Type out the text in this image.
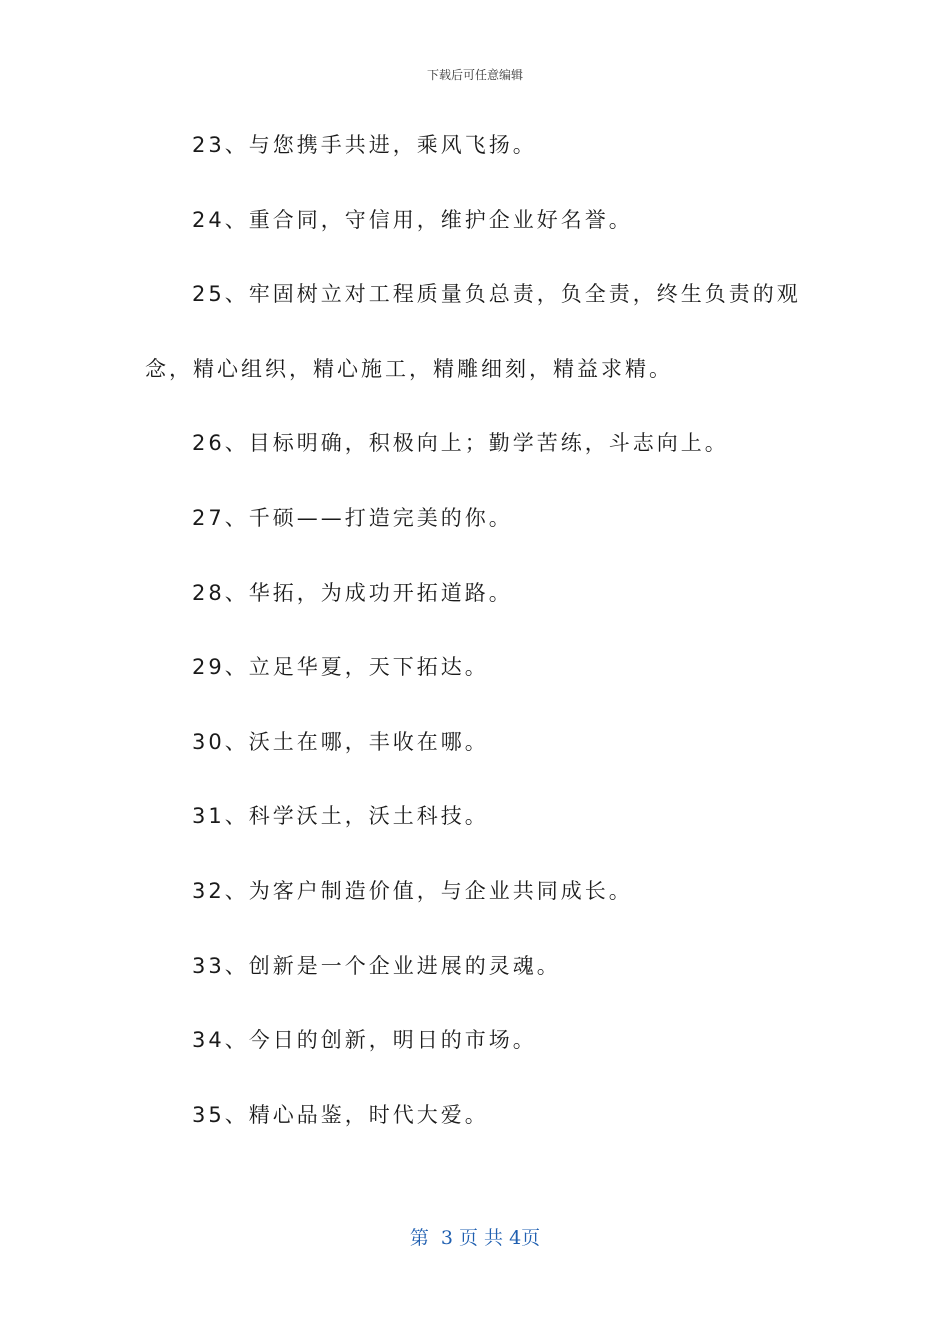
下载后可任意编辑
23、与您携手共进，乘风飞扬。
24、重合同，守信用，维护企业好名誉。
25、牢固树立对工程质量负总责，负全责，终生负责的观
念，精心组织，精心施工，精雕细刻，精益求精。
26、目标明确，积极向上；勤学苦练，斗志向上。
27、千硕——打造完美的你。
28、华拓，为成功开拓道路。
29、立足华夏，天下拓达。
30、沃土在哪，丰收在哪。
31、科学沃土，沃土科技。
32、为客户制造价值，与企业共同成长。
33、创新是一个企业进展的灵魂。
34、今日的创新，明日的市场。
35、精心品鉴，时代大爱。
第  3 页 共 4页
